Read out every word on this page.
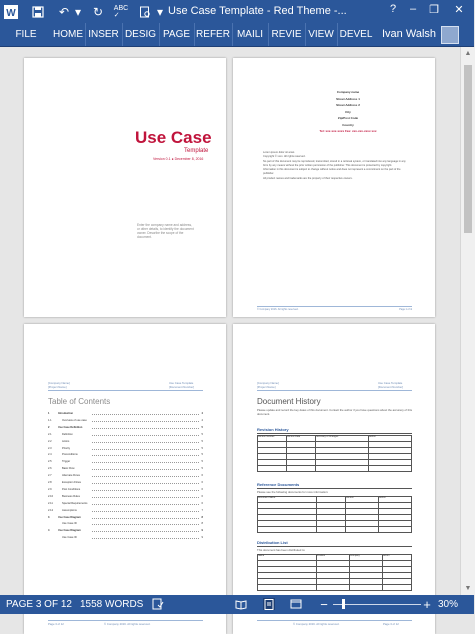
W	↶ ▾ ↻	ABC
✓	▾ Use Case Template - Red Theme -...	?	–	❐	✕
FILE	HOME INSER DESIG PAGE REFER MAILI REVIE VIEW DEVEL Ivan Walsh
Use Case
Template
Version 0.1 ● December 8, 2016
Enter the company name and address, or other details, to identify the document owner. Describe the scope of the document.
Company name
Street Address 1
Street Address 2
City
Zip/Post Code
Country
Tel: xxx-xxx-xxxx Fax: xxx-xxx-xxxx xxx
Lorem ipsum dolor sit amet.
Copyright © xxxx. All rights reserved.
No part of this document may be reproduced, transmitted, stored in a retrieval system, or translated into any language in any form by any means without the prior written permission of the publisher. This document is protected by copyright.
Information in this document is subject to change without notice and does not represent a commitment on the part of the publisher.
All product names and trademarks are the property of their respective owners.
© Company 2016. All rights reserved.	Page ii of iii
[Company Name]
[Project Name]
Use Case Template
[Document Number]
Table of Contents
1	Introduction	4
1.1	Overview of use case	4
2	Use Case Definition	5
2.1	Definition	5
2.2	Actors	5
2.3	Priority	5
2.4	Preconditions	5
2.5	Trigger	5
2.6	Basic Flow	5
2.7	Alternate Flows	6
2.8	Exception Flows	6
2.9	Post Conditions	6
2.10	Business Rules	6
2.11	Special Requirements	6
2.12	Assumptions	7
3	Use Case Diagram	8
Use Case ID	8
4	Use Case Diagram	9
Use Case ID	9
Page 3 of 12	© Company 2016. All rights reserved.
[Company Name]
[Project Name]
Use Case Template
[Document Number]
Document History
Please update and record the key dates of this document. Contact the author if you have questions about the accuracy of this document.
Revision History
Version Number	Version Date	Summary of Changes	Author

Reference Documents
Please see the following documents for more information:
Document Name		Version	Author

Distribution List
This document has been distributed to:
Name	Position	Company	Action

© Company 2016. All rights reserved.	Page 3 of 12
▲
▼
PAGE 3 OF 12 1558 WORDS	−	+ 30%
